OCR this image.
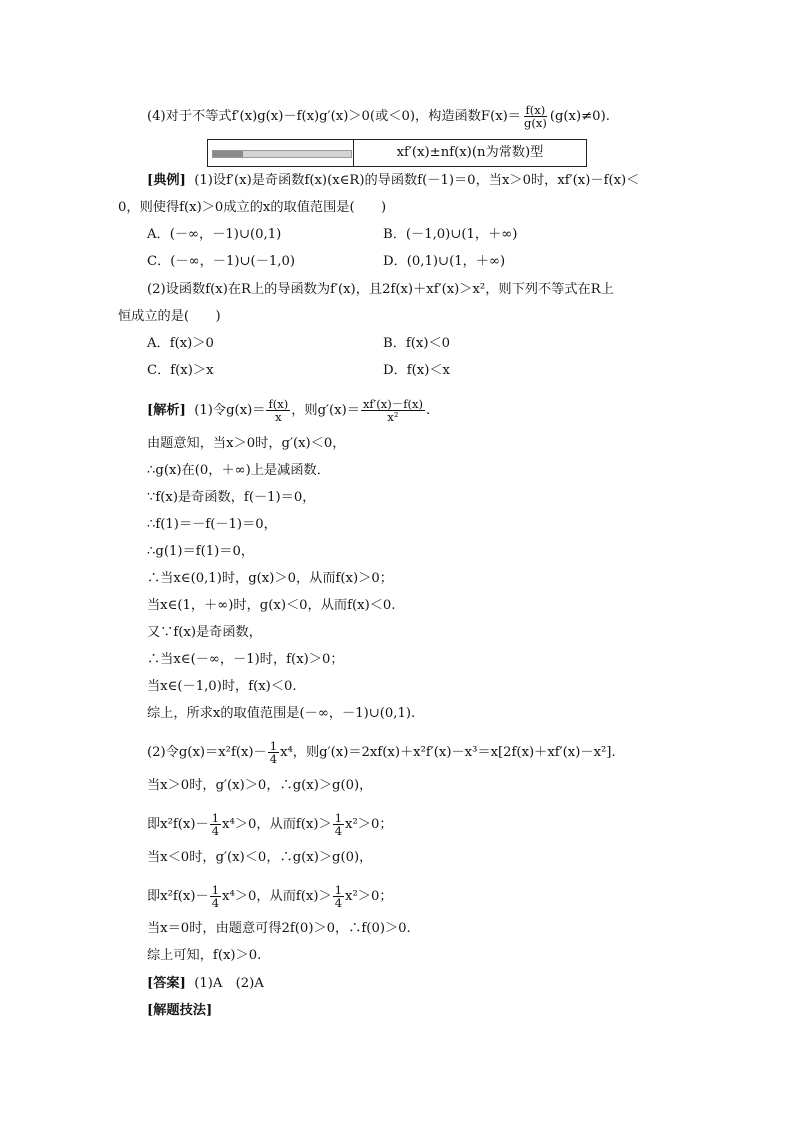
(4)对于不等式f′(x)g(x)－f(x)g′(x)＞0(或＜0)，构造函数$F(x)= \frac{f(x)}{g(x)} (g(x)\ne 0)$.
xf′(x)±nf(x)(n为常数)型
[典例] (1)设f′(x)是奇函数f(x)(x∈R)的导函数f(－1)＝0，当x＞0时，xf′(x)－f(x)＜
0，则使得f(x)＞0成立的x的取值范围是(　　)
A．(－∞，－1)∪(0,1)	B．(－1,0)∪(1，＋∞)
C．(－∞，－1)∪(－1,0)	D．(0,1)∪(1，＋∞)
(2)设函数f(x)在R上的导函数为f′(x)，且2f(x)＋xf′(x)＞x²，则下列不等式在R上
恒成立的是(　　)
A．f(x)＞0	B．f(x)＜0
C．f(x)＞x	D．f(x)＜x
[解析] (1)令$g(x)= \frac{f(x)}{x}$ ，则$g'(x)= \frac{xf'(x)-f(x)}{\text{x²}}$ .
由题意知，当x＞0时，g′(x)＜0，
∴g(x)在(0，＋∞)上是减函数．
∵f(x)是奇函数，f(－1)＝0，
∴f(1)＝－f(－1)＝0，
∴g(1)＝f(1)＝0，
∴当x∈(0,1)时，g(x)＞0，从而f(x)＞0；
当x∈(1，＋∞)时，g(x)＜0，从而f(x)＜0.
又∵f(x)是奇函数，
∴当x∈(－∞，－1)时，f(x)＞0；
当x∈(－1,0)时，f(x)＜0.
综上，所求x的取值范围是(－∞，－1)∪(0,1).
(2)令$g(x)=x^2f(x)- \frac{1}{4} x^4$，则g′(x)＝2xf(x)＋x²f′(x)－x³＝x[2f(x)＋xf′(x)－x²].
当x＞0时，g′(x)＞0，∴g(x)＞g(0)，
即$x^2f(x)- \frac{1}{4} x^4>0$，从而$f(x)> \frac{1}{4} x^2>0$；
当x＜0时，g′(x)＜0，∴g(x)＞g(0)，
即$x^2f(x)- \frac{1}{4} x^4>0$，从而$f(x)> \frac{1}{4} x^2>0$；
当x＝0时，由题意可得2f(0)＞0，∴f(0)＞0.
综上可知，f(x)＞0.
[答案] (1)A　(2)A
[解题技法]
